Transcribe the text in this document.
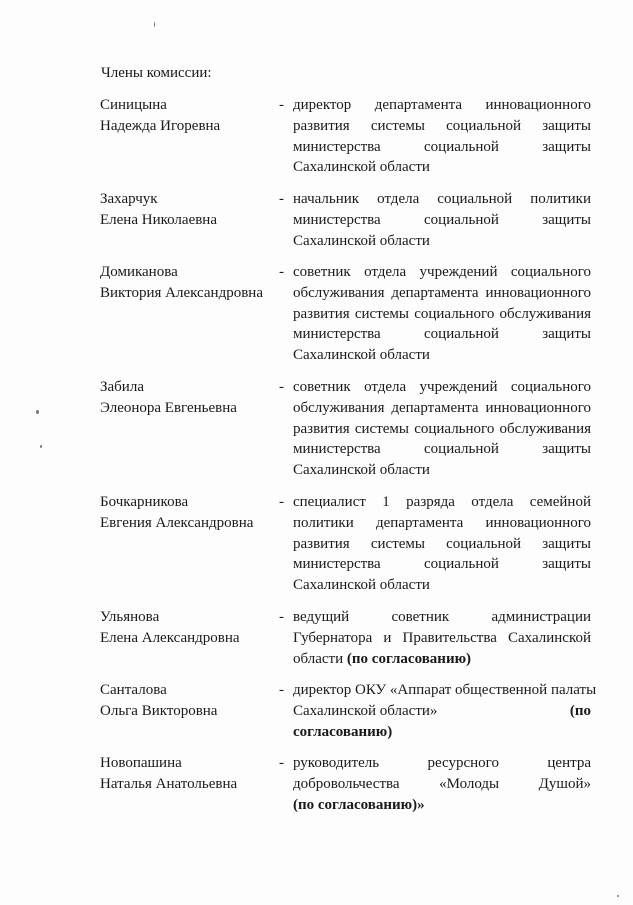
Члены комиссии:
Синицына
Надежда Игоревна
- директор департамента инновационного
развития системы социальной защиты
министерства социальной защиты
Сахалинской области
Захарчук
Елена Николаевна
- начальник отдела социальной политики
министерства социальной защиты
Сахалинской области
Домиканова
Виктория Александровна
- советник отдела учреждений социального
обслуживания департамента инновационного
развития системы социального обслуживания
министерства социальной защиты
Сахалинской области
Забила
Элеонора Евгеньевна
- советник отдела учреждений социального
обслуживания департамента инновационного
развития системы социального обслуживания
министерства социальной защиты
Сахалинской области
Бочкарникова
Евгения Александровна
- специалист 1 разряда отдела семейной
политики департамента инновационного
развития системы социальной защиты
министерства социальной защиты
Сахалинской области
Ульянова
Елена Александровна
- ведущий советник администрации
Губернатора и Правительства Сахалинской
области (по согласованию)
Санталова
Ольга Викторовна
- директор ОКУ «Аппарат общественной палаты
Сахалинской области»	(по
согласованию)
Новопашина
Наталья Анатольевна
- руководитель ресурсного центра
добровольчества «Молоды Душой»
(по согласованию)»
